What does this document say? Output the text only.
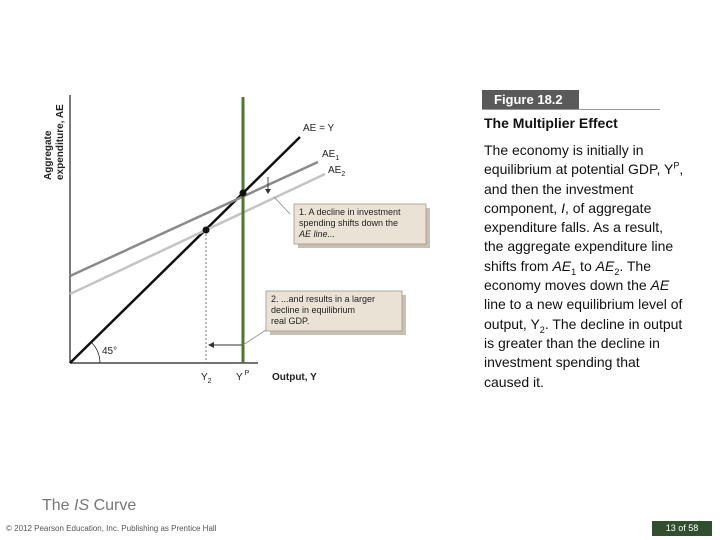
Aggregate expenditure, AE	AE = Y
$AE_1$
$AE_2$
45°
$Y_2$ Y $^P$ Output, Y
1. A decline in investment
spending shifts down the
AE line...
2. ...and results in a larger
decline in equilibrium
real GDP.
Figure 18.2
The Multiplier Effect
The economy is initially in equilibrium at potential GDP, $Y^P$, and then the investment component, I, of aggregate expenditure falls. As a result, the aggregate expenditure line shifts from $AE_1$ to $AE_2$. The economy moves down the AE line to a new equilibrium level of output, $Y_2$. The decline in output is greater than the decline in investment spending that caused it.
The IS Curve
© 2012 Pearson Education, Inc. Publishing as Prentice Hall	13 of 58
